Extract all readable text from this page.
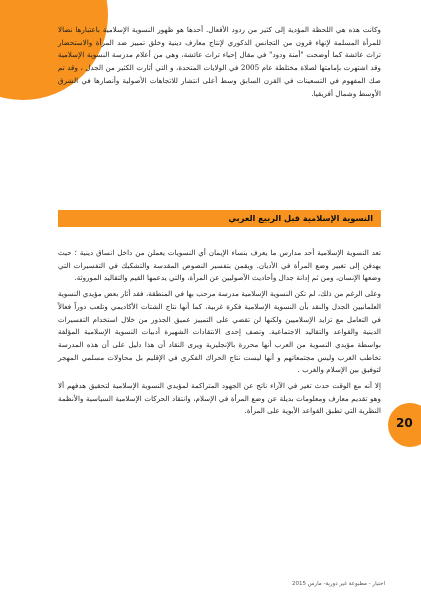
وكانت هذه هي اللحظة المؤدية إلى كثير من ردود الأفعال. أحدها هو ظهور النسوية الإسلامية باعتبارها نضالا للمرأة المسلمة لإنهاء قرون من التجانس الذكوري لإنتاج معارف دينية وخلق تمييز ضد المرأة والاستحضار تراث عائشة كما أوضحت "أمنة ودود" في مقال إحياء تراث عائشة، وهي من أعلام مدرسة النسوية الإسلامية وقد اشتهرت بإمامتها لصلاة مختلطة عام 2005 في الولايات المتحدة، و التي أثارت الكثير من الجدل ، وقد تم صك المفهوم في التسعينات في القرن السابق وسط أعلى انتشار للاتجاهات الأصولية وأنصارها في الشرق الأوسط وشمال أفريقيا.

النسوية الإسلامية قبل الربيع العربي

تعد النسوية الإسلامية أحد مدارس ما يعرف بنساء الإيمان أي النسويات يعملن من داخل انساق دينية ؛ حيث يهدفن إلى تغيير وضع المرأة في الأديان. ويقمن بتفسير النصوص المقدسة والتشكيك في التفسيرات التي وضعها الإنسان، ومن ثم إدانة جدال وأحاديث الأصوليين عن المرأة، والتي يدعمها القيم والتقاليد الموروثة.

وعلى الرغم من ذلك، لم تكن النسوية الإسلامية مدرسة مرحب بها في المنطقة، فقد أثار بعض مؤيدي النسوية العلمانيين الجدل والنقد بأن النسوية الإسلامية فكرة غربية، كما أنها نتاج الشتات الأكاديمي وتلعب دوراً فعالاً في التعامل مع تزايد الإسلاميين ولكنها لن تقضي على التمييز عميق الجذور من خلال استخدام التفسيرات الدينية والقواعد والتقاليد الاجتماعية. وتصف إحدى الانتقادات الشهيرة أدبيات النسوية الإسلامية المؤلفة بواسطة مؤيدي النسوية من العرب أنها محررة بالإنجليزية ويرى النقاد أن هذا دليل على أن هذه المدرسة تخاطب الغرب وليس مجتمعاتهم و أنها ليست نتاج الحراك الفكري في الإقليم بل محاولات مسلمي المهجر لتوفيق بين الإسلام والغرب .

إلا أنه مع الوقت حدث تغير في الآراء ناتج عن الجهود المتراكمة لمؤيدي النسوية الإسلامية لتحقيق هدفهم ألا وهو تقديم معارف ومعلومات بديلة عن وضع المرأة في الإسلام، وانتقاد الحركات الإسلامية السياسية والأنظمة النظرية التي تطبق القواعد الأبوية على المرأة.

20
اختيار - مطبوعة غير دورية- مارس 2015
